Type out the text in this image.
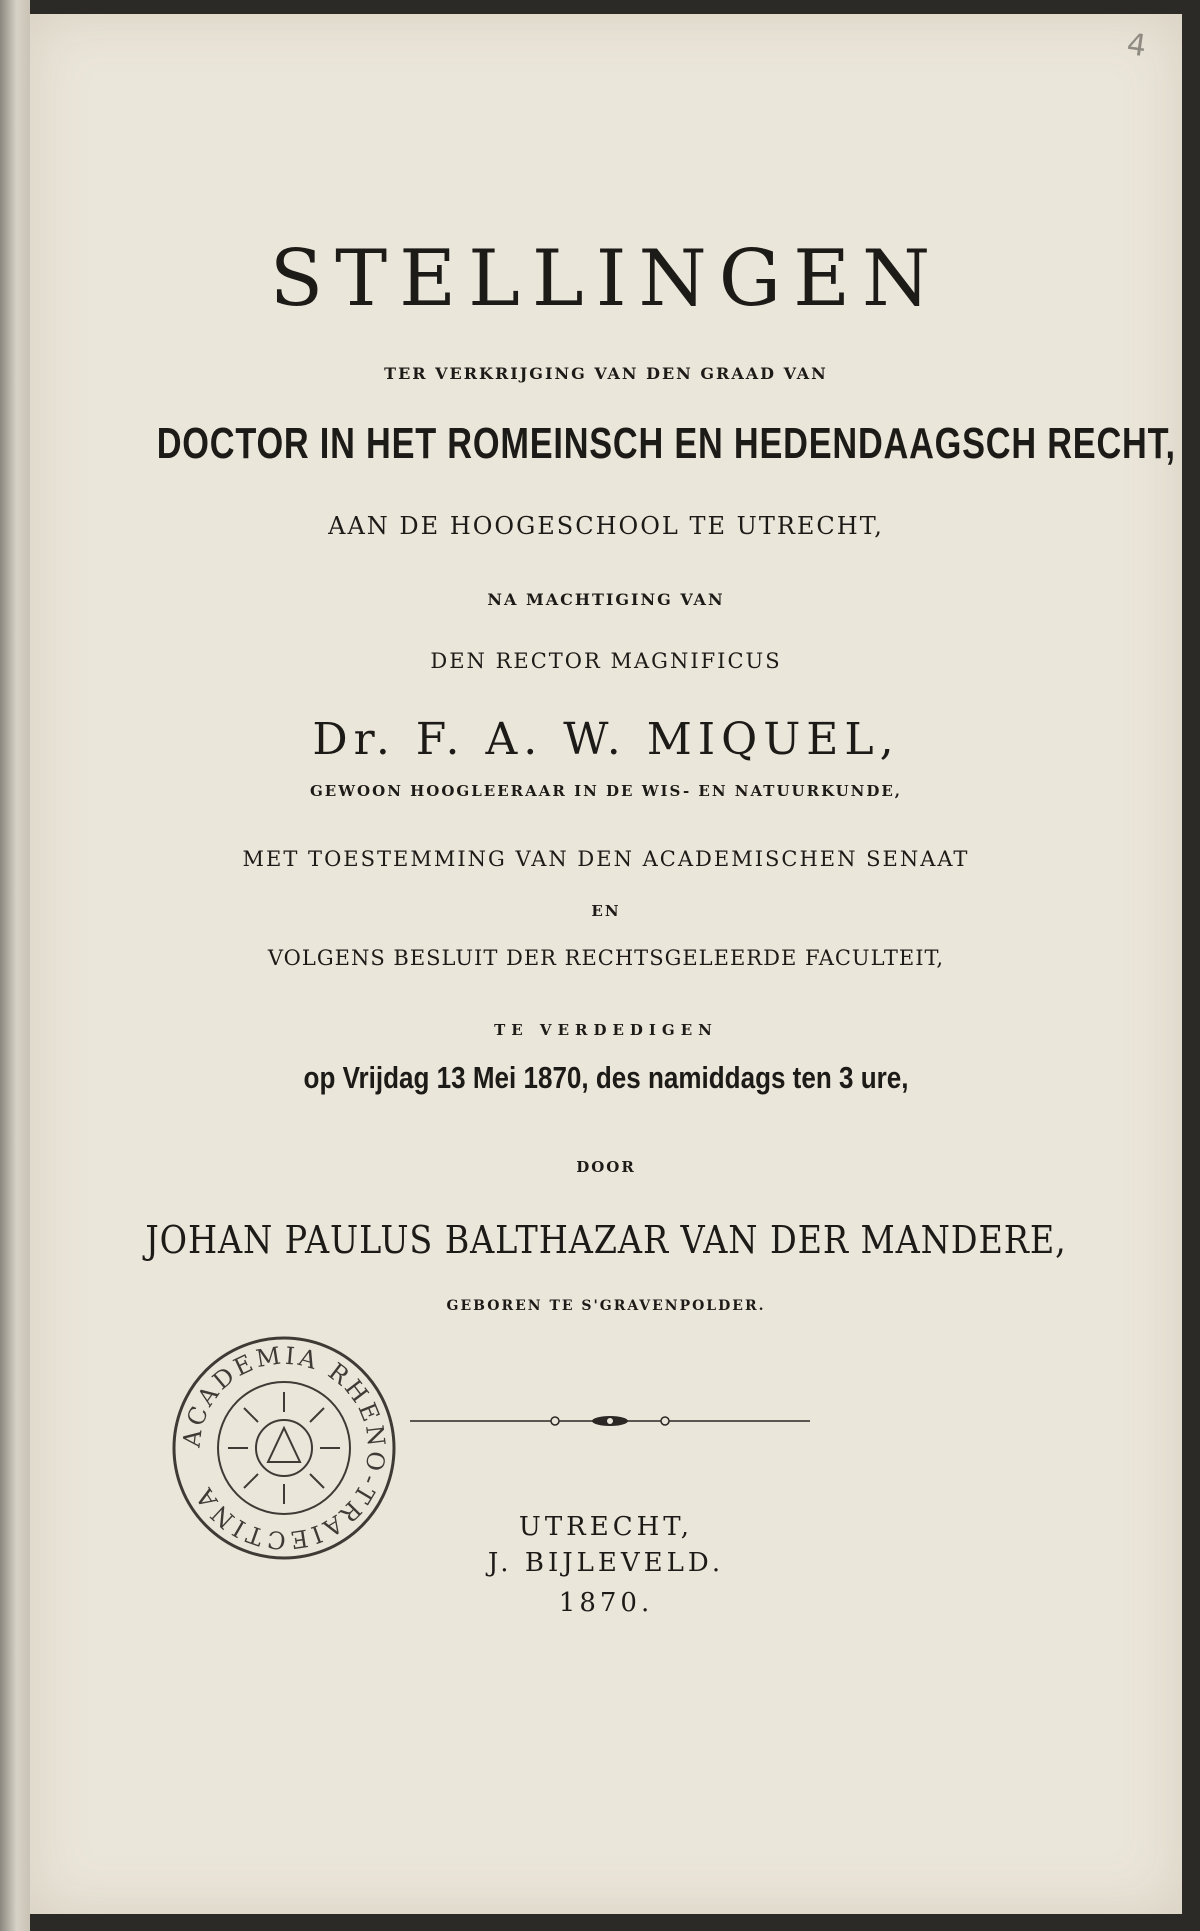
4
STELLINGEN
TER VERKRIJGING VAN DEN GRAAD VAN
DOCTOR IN HET ROMEINSCH EN HEDENDAAGSCH RECHT,
AAN DE HOOGESCHOOL TE UTRECHT,
NA MACHTIGING VAN
DEN RECTOR MAGNIFICUS
Dr. F. A. W. MIQUEL,
GEWOON HOOGLEERAAR IN DE WIS- EN NATUURKUNDE,
MET TOESTEMMING VAN DEN ACADEMISCHEN SENAAT
EN
VOLGENS BESLUIT DER RECHTSGELEERDE FACULTEIT,
TE VERDEDIGEN
op Vrijdag 13 Mei 1870, des namiddags ten 3 ure,
DOOR
JOHAN PAULUS BALTHAZAR VAN DER MANDERE,
GEBOREN TE S'GRAVENPOLDER.
UTRECHT,
J. BIJLEVELD.
1870.
ACADEMIA RHENO-TRAIECTINA
